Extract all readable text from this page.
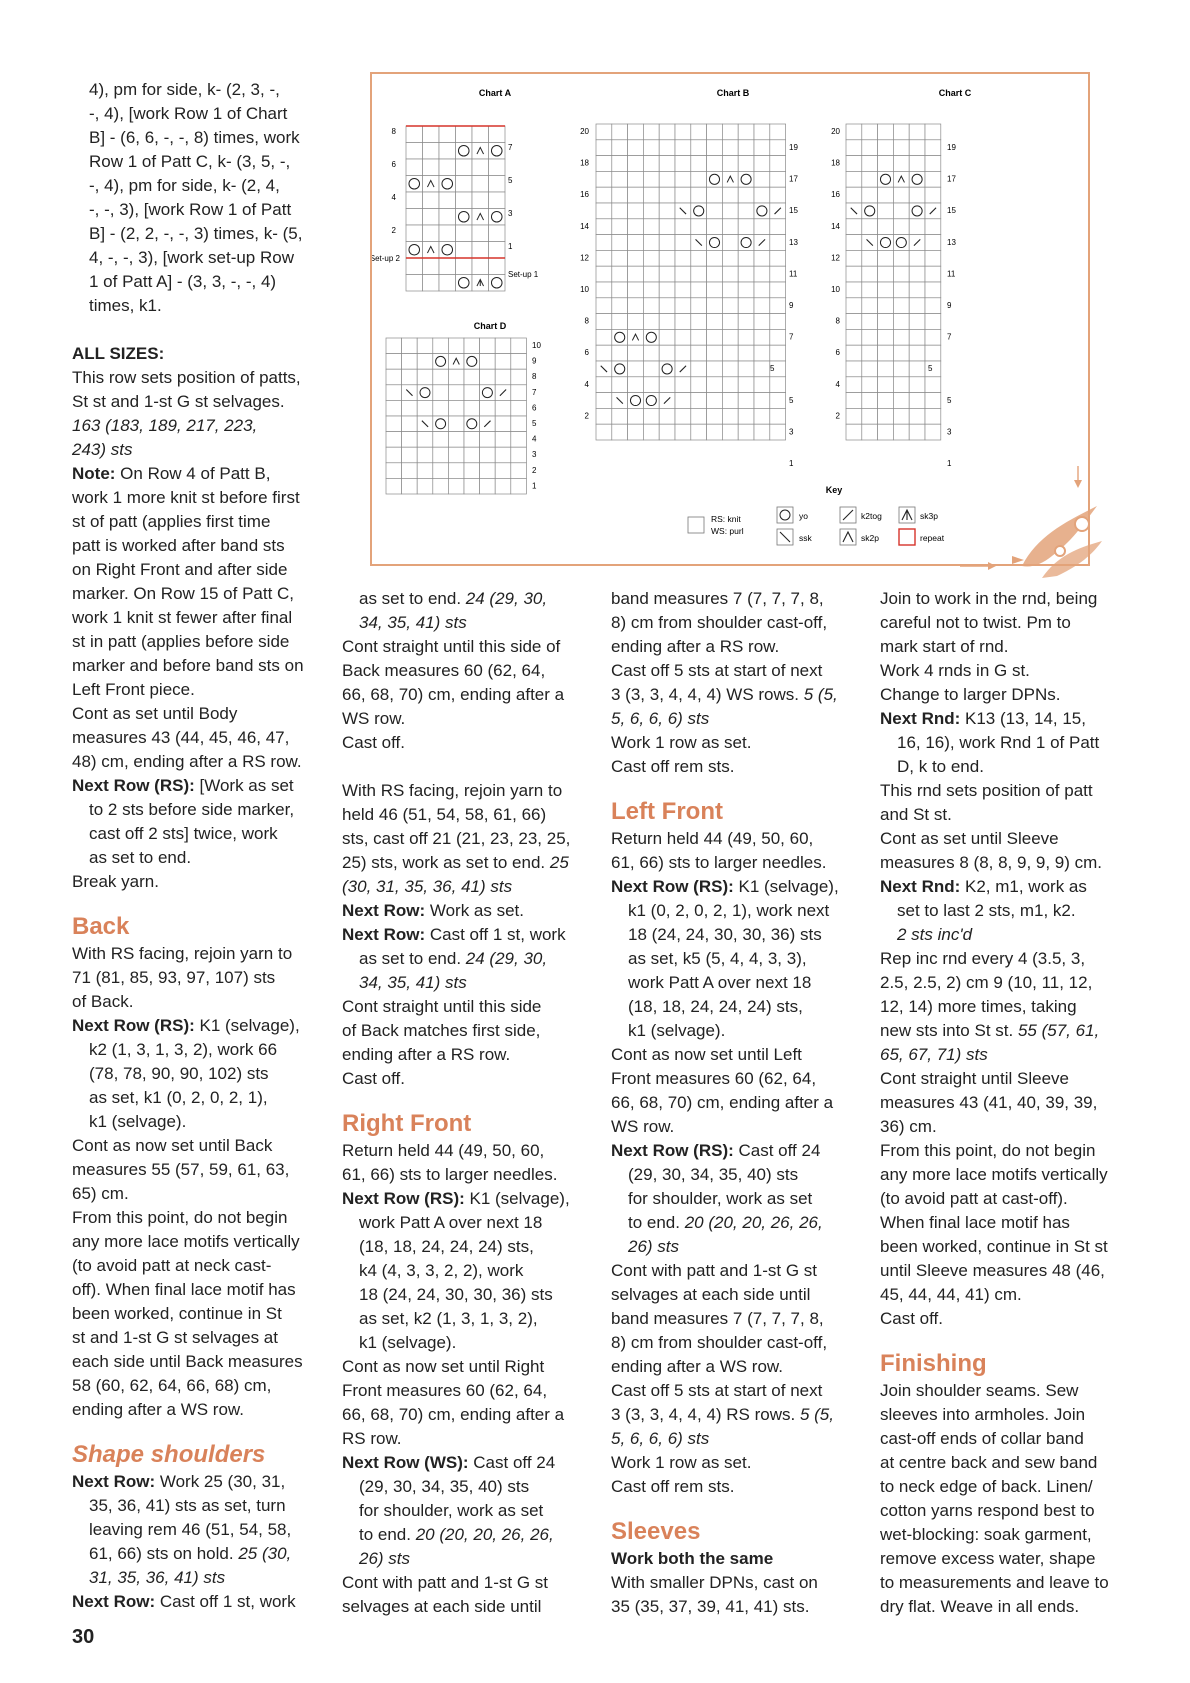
8
6
4
2
7
5
3
1
Set-up 2
Set-up 1
20
18
16
14
12
10
8
6
4
2
19
17
15
13
11
9
7
5
3
1
5
20
18
16
14
12
10
8
6
4
2
19
17
15
13
11
9
7
5
3
1
5
10
9
8
7
6
5
4
3
2
1
Chart A	Chart B	Chart C
Chart D
Key
RS: knit
WS: purl
yo
ssk
k2tog
sk2p
sk3p
repeat

4), pm for side, k- (2, 3, -,

-, 4), [work Row 1 of Chart

B] - (6, 6, -, -, 8) times, work

Row 1 of Patt C, k- (3, 5, -,

-, 4), pm for side, k- (2, 4,

-, -, 3), [work Row 1 of Patt

B] - (2, 2, -, -, 3) times, k- (5,

4, -, -, 3), [work set-up Row

1 of Patt A] - (3, 3, -, -, 4)

times, k1.

ALL SIZES:

This row sets position of patts,

St st and 1-st G st selvages.

163 (183, 189, 217, 223,

243) sts

Note: On Row 4 of Patt B,

work 1 more knit st before first

st of patt (applies first time

patt is worked after band sts

on Right Front and after side

marker. On Row 15 of Patt C,

work 1 knit st fewer after final

st in patt (applies before side

marker and before band sts on

Left Front piece.

Cont as set until Body

measures 43 (44, 45, 46, 47,

48) cm, ending after a RS row.

Next Row (RS): [Work as set

to 2 sts before side marker,

cast off 2 sts] twice, work

as set to end.

Break yarn.

Back

With RS facing, rejoin yarn to

71 (81, 85, 93, 97, 107) sts

of Back.

Next Row (RS): K1 (selvage),

k2 (1, 3, 1, 3, 2), work 66

(78, 78, 90, 90, 102) sts

as set, k1 (0, 2, 0, 2, 1),

k1 (selvage).

Cont as now set until Back

measures 55 (57, 59, 61, 63,

65) cm.

From this point, do not begin

any more lace motifs vertically

(to avoid patt at neck cast-

off). When final lace motif has

been worked, continue in St

st and 1-st G st selvages at

each side until Back measures

58 (60, 62, 64, 66, 68) cm,

ending after a WS row.

Shape shoulders

Next Row: Work 25 (30, 31,

35, 36, 41) sts as set, turn

leaving rem 46 (51, 54, 58,

61, 66) sts on hold. 25 (30,

31, 35, 36, 41) sts

Next Row: Cast off 1 st, work

as set to end. 24 (29, 30,

34, 35, 41) sts

Cont straight until this side of

Back measures 60 (62, 64,

66, 68, 70) cm, ending after a

WS row.

Cast off.

With RS facing, rejoin yarn to

held 46 (51, 54, 58, 61, 66)

sts, cast off 21 (21, 23, 23, 25,

25) sts, work as set to end. 25

(30, 31, 35, 36, 41) sts

Next Row: Work as set.

Next Row: Cast off 1 st, work

as set to end. 24 (29, 30,

34, 35, 41) sts

Cont straight until this side

of Back matches first side,

ending after a RS row.

Cast off.

Right Front

Return held 44 (49, 50, 60,

61, 66) sts to larger needles.

Next Row (RS): K1 (selvage),

work Patt A over next 18

(18, 18, 24, 24, 24) sts,

k4 (4, 3, 3, 2, 2), work

18 (24, 24, 30, 30, 36) sts

as set, k2 (1, 3, 1, 3, 2),

k1 (selvage).

Cont as now set until Right

Front measures 60 (62, 64,

66, 68, 70) cm, ending after a

RS row.

Next Row (WS): Cast off 24

(29, 30, 34, 35, 40) sts

for shoulder, work as set

to end. 20 (20, 20, 26, 26,

26) sts

Cont with patt and 1-st G st

selvages at each side until

band measures 7 (7, 7, 7, 8,

8) cm from shoulder cast-off,

ending after a RS row.

Cast off 5 sts at start of next

3 (3, 3, 4, 4, 4) WS rows. 5 (5,

5, 6, 6, 6) sts

Work 1 row as set.

Cast off rem sts.

Left Front

Return held 44 (49, 50, 60,

61, 66) sts to larger needles.

Next Row (RS): K1 (selvage),

k1 (0, 2, 0, 2, 1), work next

18 (24, 24, 30, 30, 36) sts

as set, k5 (5, 4, 4, 3, 3),

work Patt A over next 18

(18, 18, 24, 24, 24) sts,

k1 (selvage).

Cont as now set until Left

Front measures 60 (62, 64,

66, 68, 70) cm, ending after a

WS row.

Next Row (RS): Cast off 24

(29, 30, 34, 35, 40) sts

for shoulder, work as set

to end. 20 (20, 20, 26, 26,

26) sts

Cont with patt and 1-st G st

selvages at each side until

band measures 7 (7, 7, 7, 8,

8) cm from shoulder cast-off,

ending after a WS row.

Cast off 5 sts at start of next

3 (3, 3, 4, 4, 4) RS rows. 5 (5,

5, 6, 6, 6) sts

Work 1 row as set.

Cast off rem sts.

Sleeves

Work both the same

With smaller DPNs, cast on

35 (35, 37, 39, 41, 41) sts.

Join to work in the rnd, being

careful not to twist. Pm to

mark start of rnd.

Work 4 rnds in G st.

Change to larger DPNs.

Next Rnd: K13 (13, 14, 15,

16, 16), work Rnd 1 of Patt

D, k to end.

This rnd sets position of patt

and St st.

Cont as set until Sleeve

measures 8 (8, 8, 9, 9, 9) cm.

Next Rnd: K2, m1, work as

set to last 2 sts, m1, k2.

2 sts inc'd

Rep inc rnd every 4 (3.5, 3,

2.5, 2.5, 2) cm 9 (10, 11, 12,

12, 14) more times, taking

new sts into St st. 55 (57, 61,

65, 67, 71) sts

Cont straight until Sleeve

measures 43 (41, 40, 39, 39,

36) cm.

From this point, do not begin

any more lace motifs vertically

(to avoid patt at cast-off).

When final lace motif has

been worked, continue in St st

until Sleeve measures 48 (46,

45, 44, 44, 41) cm.

Cast off.

Finishing

Join shoulder seams. Sew

sleeves into armholes. Join

cast-off ends of collar band

at centre back and sew band

to neck edge of back. Linen/

cotton yarns respond best to

wet-blocking: soak garment,

remove excess water, shape

to measurements and leave to

dry flat. Weave in all ends.

30
